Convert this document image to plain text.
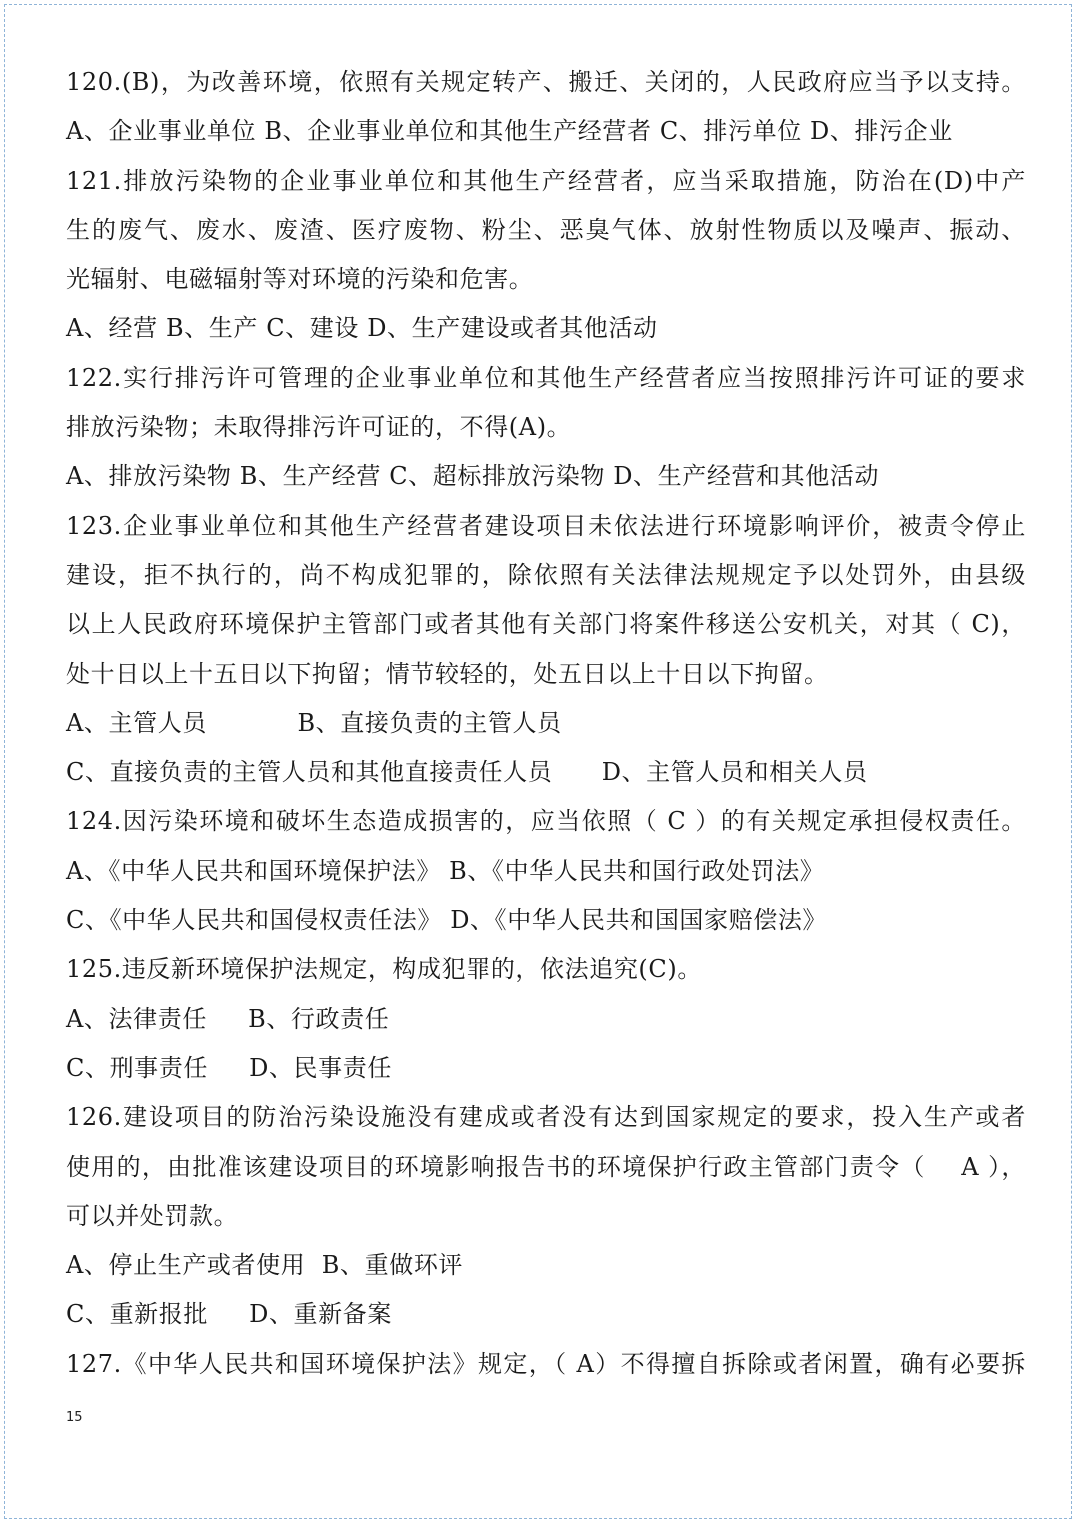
120.(B)，为改善环境，依照有关规定转产、搬迁、关闭的，人民政府应当予以支持。
A、企业事业单位 B、企业事业单位和其他生产经营者 C、排污单位 D、排污企业
121.排放污染物的企业事业单位和其他生产经营者，应当采取措施，防治在(D)中产
生的废气、废水、废渣、医疗废物、粉尘、恶臭气体、放射性物质以及噪声、振动、
光辐射、电磁辐射等对环境的污染和危害。
A、经营 B、生产 C、建设 D、生产建设或者其他活动
122.实行排污许可管理的企业事业单位和其他生产经营者应当按照排污许可证的要求
排放污染物；未取得排污许可证的，不得(A)。
A、排放污染物 B、生产经营 C、超标排放污染物 D、生产经营和其他活动
123.企业事业单位和其他生产经营者建设项目未依法进行环境影响评价，被责令停止
建设，拒不执行的，尚不构成犯罪的，除依照有关法律法规规定予以处罚外，由县级
以上人民政府环境保护主管部门或者其他有关部门将案件移送公安机关，对其（ C)，
处十日以上十五日以下拘留；情节较轻的，处五日以上十日以下拘留。
A、主管人员           B、直接负责的主管人员
C、直接负责的主管人员和其他直接责任人员      D、主管人员和相关人员
124.因污染环境和破坏生态造成损害的，应当依照（ C ）的有关规定承担侵权责任。
A、《中华人民共和国环境保护法》 B、《中华人民共和国行政处罚法》
C、《中华人民共和国侵权责任法》 D、《中华人民共和国国家赔偿法》
125.违反新环境保护法规定，构成犯罪的，依法追究(C)。
A、法律责任     B、行政责任
C、刑事责任     D、民事责任
126.建设项目的防治污染设施没有建成或者没有达到国家规定的要求，投入生产或者
使用的，由批准该建设项目的环境影响报告书的环境保护行政主管部门责令（    A ），
可以并处罚款。
A、停止生产或者使用  B、重做环评
C、重新报批     D、重新备案
127.《中华人民共和国环境保护法》规定，（ A）不得擅自拆除或者闲置，确有必要拆
15
